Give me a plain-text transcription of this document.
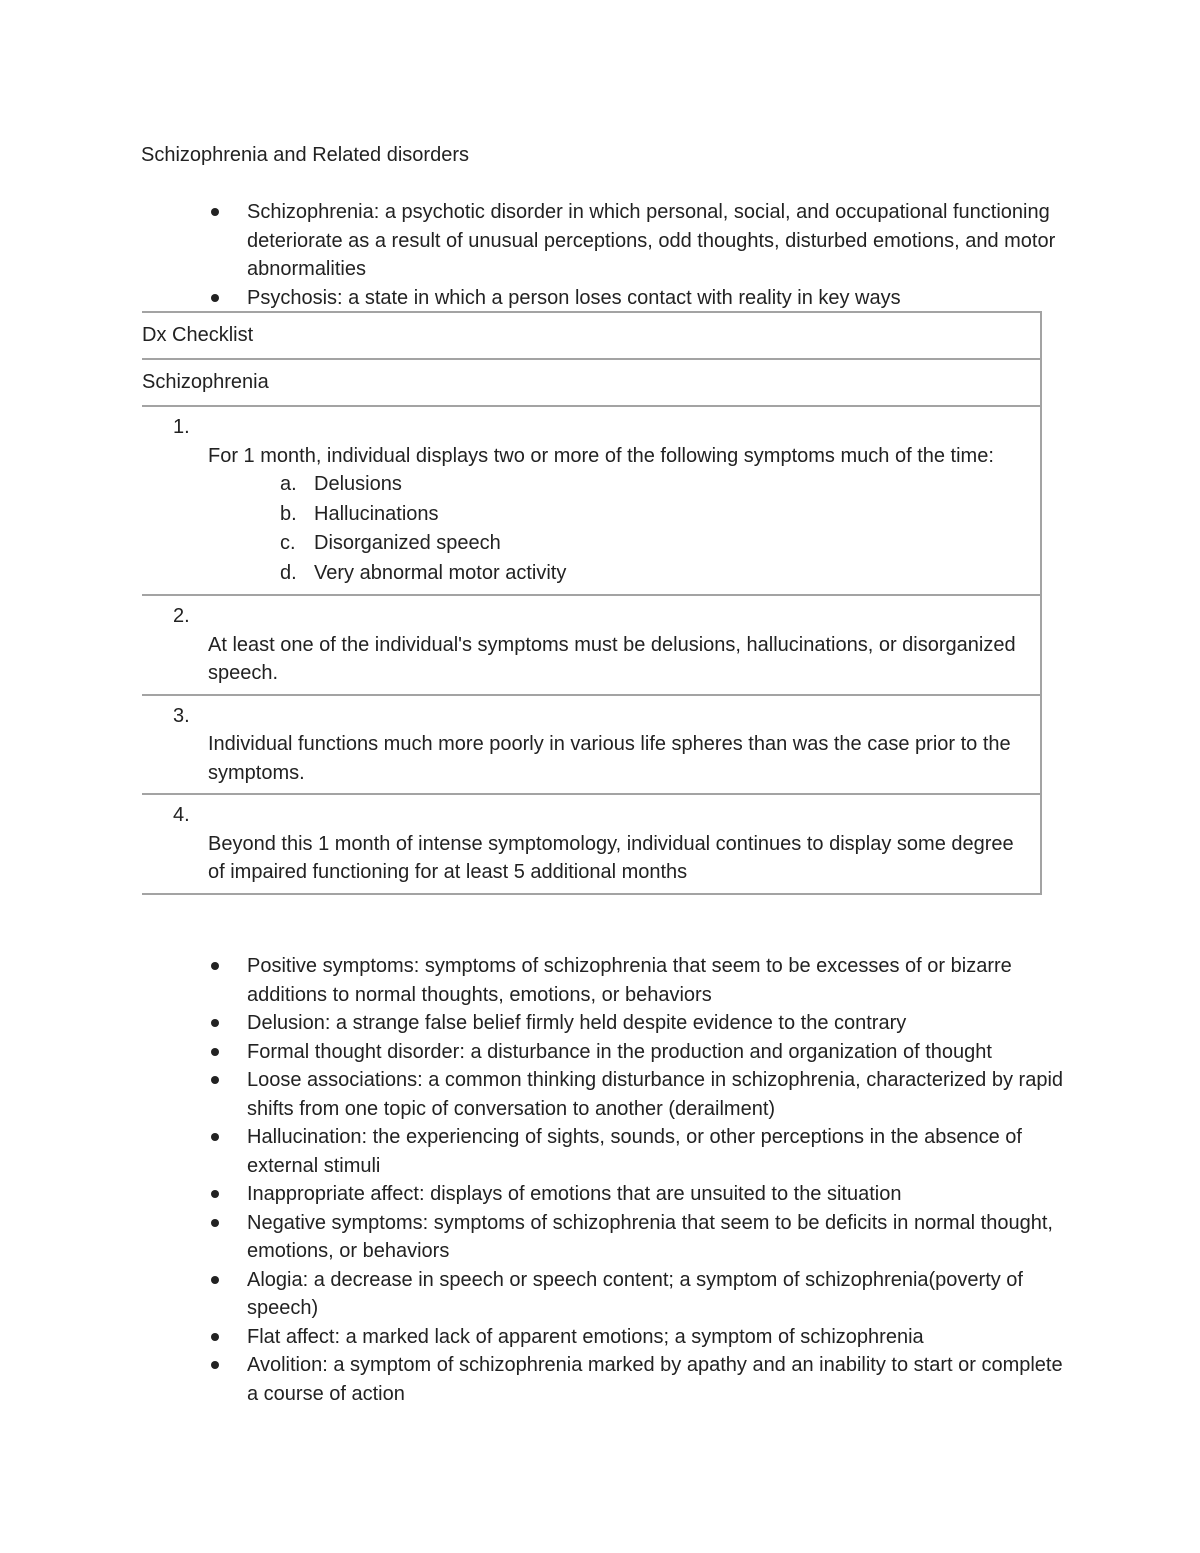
Schizophrenia and Related disorders
Schizophrenia: a psychotic disorder in which personal, social, and occupational functioning deteriorate as a result of unusual perceptions, odd thoughts, disturbed emotions, and motor abnormalities
Psychosis: a state in which a person loses contact with reality in key ways
Dx Checklist
Schizophrenia
1.
For 1 month, individual displays two or more of the following symptoms much of the time:
a. Delusions
b. Hallucinations
c. Disorganized speech
d. Very abnormal motor activity
2.
At least one of the individual's symptoms must be delusions, hallucinations, or disorganized speech.
3.
Individual functions much more poorly in various life spheres than was the case prior to the symptoms.
4.
Beyond this 1 month of intense symptomology, individual continues to display some degree of impaired functioning for at least 5 additional months
Positive symptoms: symptoms of schizophrenia that seem to be excesses of or bizarre additions to normal thoughts, emotions, or behaviors
Delusion: a strange false belief firmly held despite evidence to the contrary
Formal thought disorder: a disturbance in the production and organization of thought
Loose associations: a common thinking disturbance in schizophrenia, characterized by rapid shifts from one topic of conversation to another (derailment)
Hallucination: the experiencing of sights, sounds, or other perceptions in the absence of external stimuli
Inappropriate affect: displays of emotions that are unsuited to the situation
Negative symptoms: symptoms of schizophrenia that seem to be deficits in normal thought, emotions, or behaviors
Alogia: a decrease in speech or speech content; a symptom of schizophrenia(poverty of speech)
Flat affect: a marked lack of apparent emotions; a symptom of schizophrenia
Avolition: a symptom of schizophrenia marked by apathy and an inability to start or complete a course of action
